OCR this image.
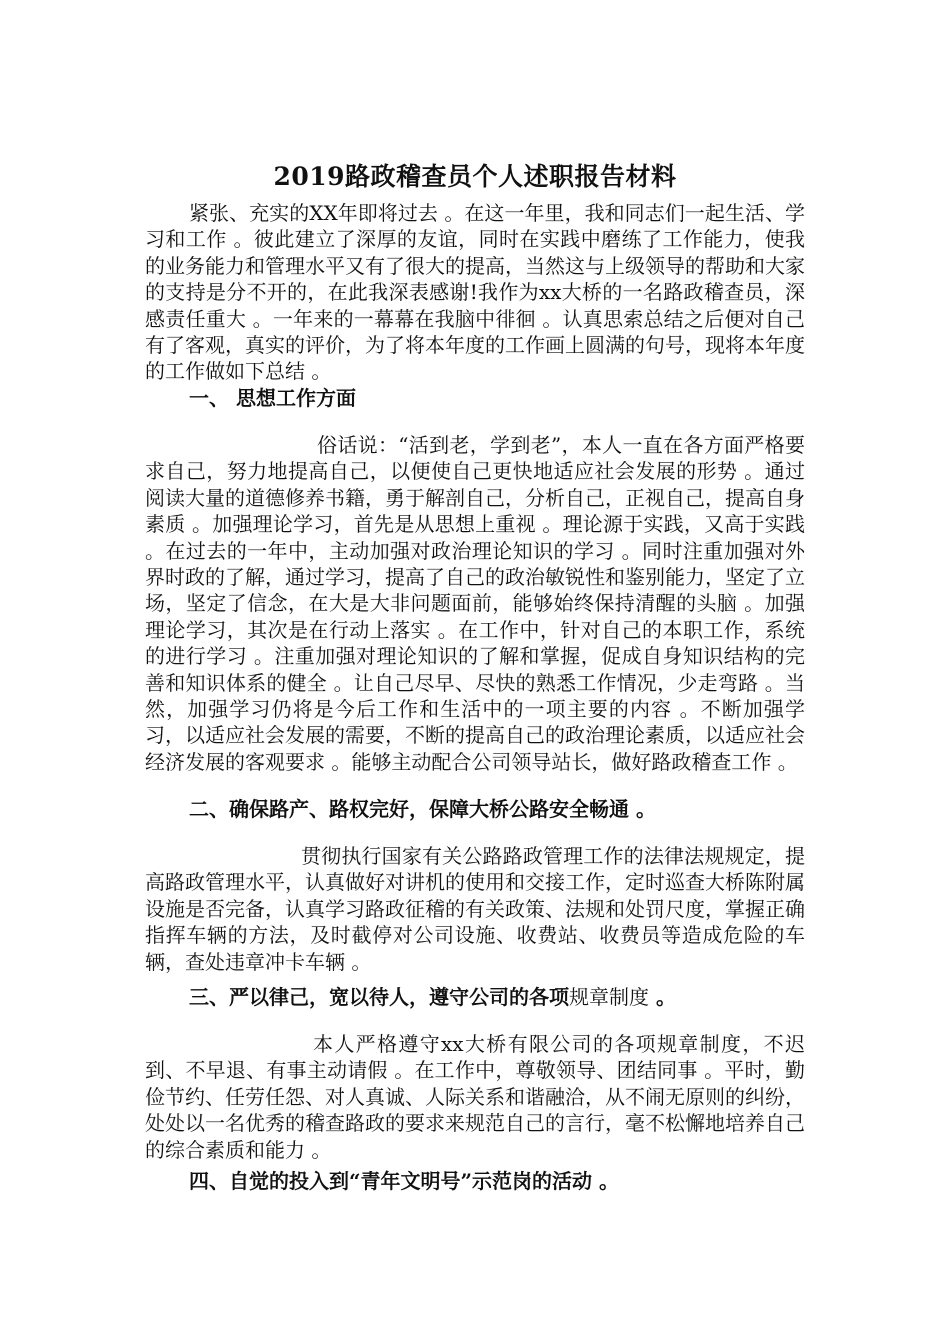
2019路政稽查员个人述职报告材料

紧张、充实的XX年即将过去 。在这一年里，我和同志们一起生活、学习和工作 。彼此建立了深厚的友谊，同时在实践中磨练了工作能力，使我的业务能力和管理水平又有了很大的提高，当然这与上级领导的帮助和大家的支持是分不开的，在此我深表感谢!我作为xx大桥的一名路政稽查员，深感责任重大 。一年来的一幕幕在我脑中徘徊 。认真思索总结之后便对自己有了客观，真实的评价，为了将本年度的工作画上圆满的句号，现将本年度的工作做如下总结 。

一、 思想工作方面

俗话说：“活到老，学到老”，本人一直在各方面严格要求自己，努力地提高自己，以便使自己更快地适应社会发展的形势 。通过阅读大量的道德修养书籍，勇于解剖自己，分析自己，正视自己，提高自身素质 。加强理论学习，首先是从思想上重视 。理论源于实践，又高于实践 。在过去的一年中，主动加强对政治理论知识的学习 。同时注重加强对外界时政的了解，通过学习，提高了自己的政治敏锐性和鉴别能力，坚定了立场，坚定了信念，在大是大非问题面前，能够始终保持清醒的头脑 。加强理论学习，其次是在行动上落实 。在工作中，针对自己的本职工作，系统的进行学习 。注重加强对理论知识的了解和掌握，促成自身知识结构的完善和知识体系的健全 。让自己尽早、尽快的熟悉工作情况，少走弯路 。当然，加强学习仍将是今后工作和生活中的一项主要的内容 。不断加强学习，以适应社会发展的需要，不断的提高自己的政治理论素质，以适应社会经济发展的客观要求 。能够主动配合公司领导站长，做好路政稽查工作 。

二、确保路产、路权完好，保障大桥公路安全畅通 。

贯彻执行国家有关公路路政管理工作的法律法规规定，提高路政管理水平，认真做好对讲机的使用和交接工作，定时巡查大桥陈附属设施是否完备，认真学习路政征稽的有关政策、法规和处罚尺度，掌握正确指挥车辆的方法，及时截停对公司设施、收费站、收费员等造成危险的车辆，查处违章冲卡车辆 。

三、严以律己，宽以待人，遵守公司的各项规章制度 。

本人严格遵守xx大桥有限公司的各项规章制度，不迟到、不早退、有事主动请假 。在工作中，尊敬领导、团结同事 。平时，勤俭节约、任劳任怨、对人真诚、人际关系和谐融洽，从不闹无原则的纠纷，处处以一名优秀的稽查路政的要求来规范自己的言行，毫不松懈地培养自己的综合素质和能力 。

四、自觉的投入到“青年文明号”示范岗的活动 。
